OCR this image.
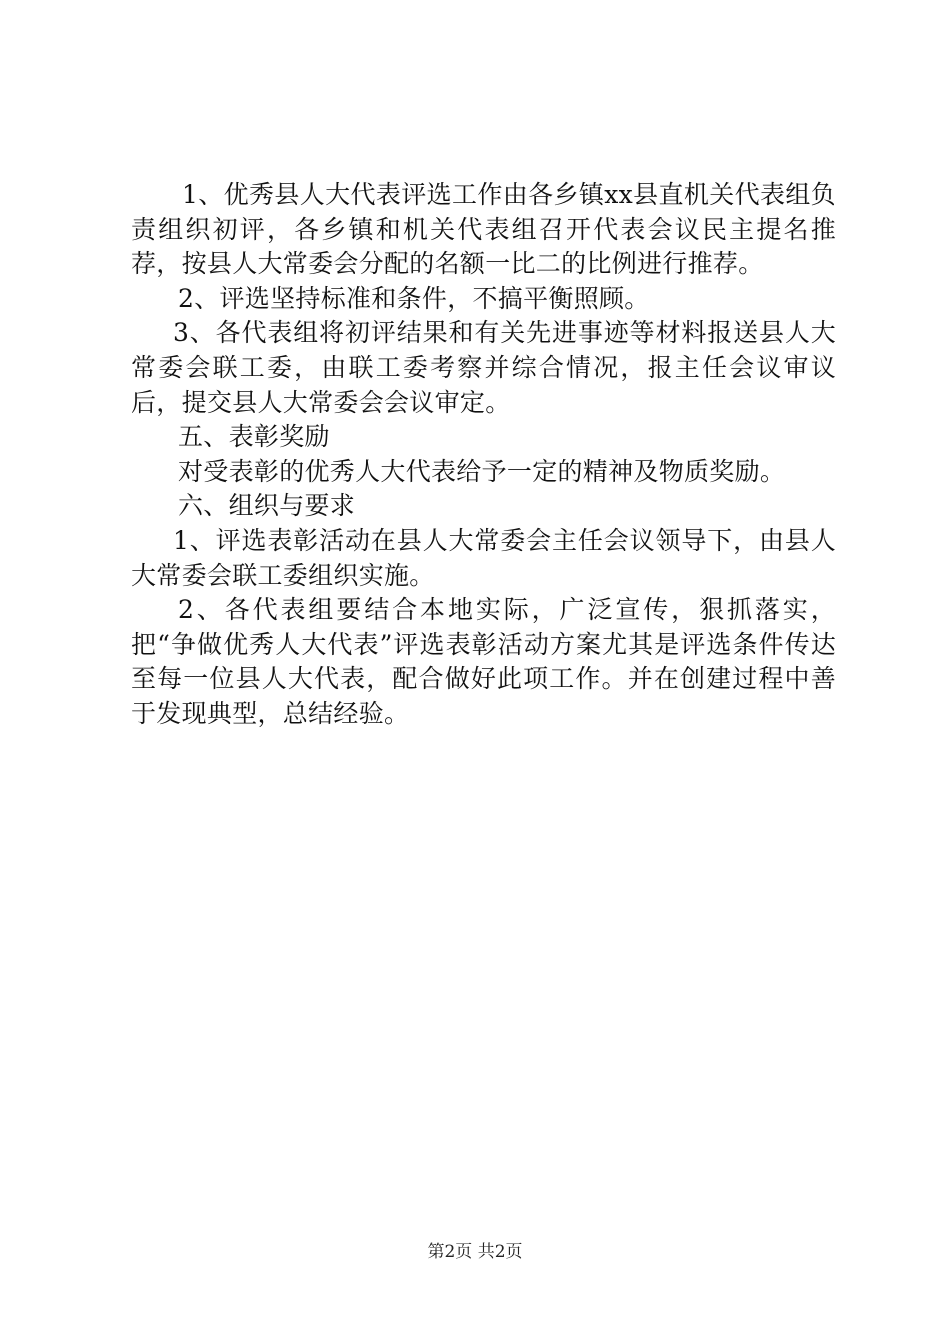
1、优秀县人大代表评选工作由各乡镇xx县直机关代表组负责组织初评，各乡镇和机关代表组召开代表会议民主提名推荐，按县人大常委会分配的名额一比二的比例进行推荐。

2、评选坚持标准和条件，不搞平衡照顾。

3、各代表组将初评结果和有关先进事迹等材料报送县人大常委会联工委，由联工委考察并综合情况，报主任会议审议后，提交县人大常委会会议审定。

五、表彰奖励

对受表彰的优秀人大代表给予一定的精神及物质奖励。

六、组织与要求

1、评选表彰活动在县人大常委会主任会议领导下，由县人大常委会联工委组织实施。

2、各代表组要结合本地实际，广泛宣传，狠抓落实，把“争做优秀人大代表”评选表彰活动方案尤其是评选条件传达至每一位县人大代表，配合做好此项工作。并在创建过程中善于发现典型，总结经验。

第2页 共2页
